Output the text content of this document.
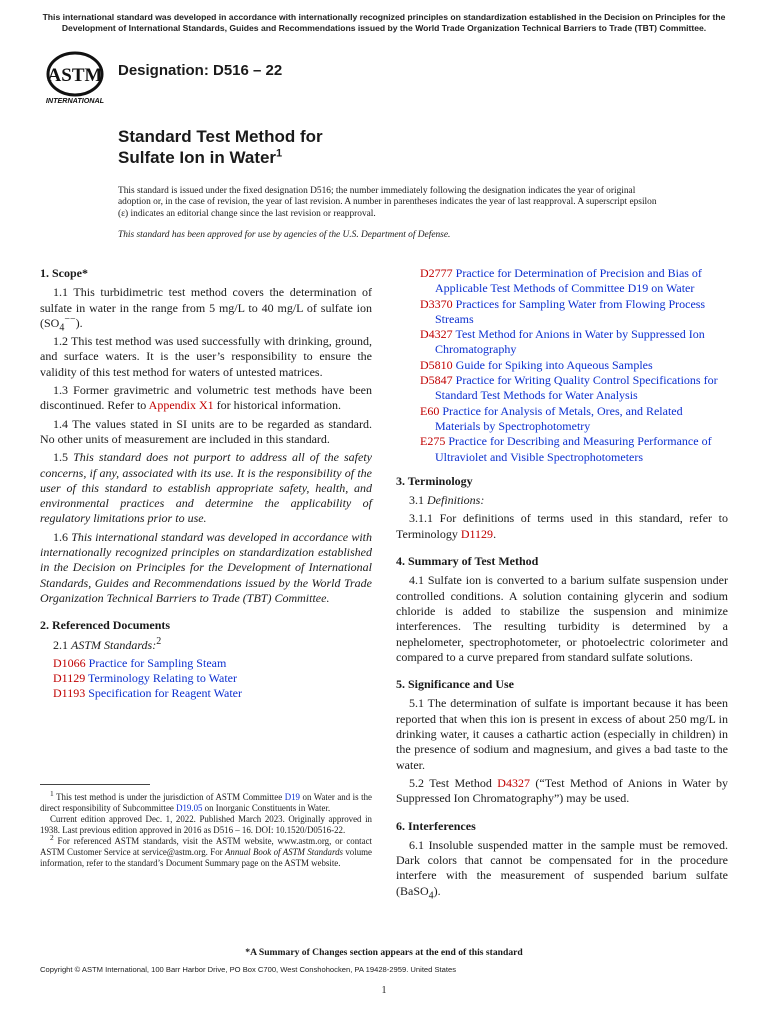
This international standard was developed in accordance with internationally recognized principles on standardization established in the Decision on Principles for the Development of International Standards, Guides and Recommendations issued by the World Trade Organization Technical Barriers to Trade (TBT) Committee.
ASTM
INTERNATIONAL
Designation: D516 – 22
Standard Test Method for
Sulfate Ion in Water$^1$
This standard is issued under the fixed designation D516; the number immediately following the designation indicates the year of original adoption or, in the case of revision, the year of last revision. A number in parentheses indicates the year of last reapproval. A superscript epsilon (ε) indicates an editorial change since the last revision or reapproval.
This standard has been approved for use by agencies of the U.S. Department of Defense.
1. Scope*

1.1 This turbidimetric test method covers the determination of sulfate in water in the range from 5 mg/L to 40 mg/L of sulfate ion $(SO_4^{--})$.

1.2 This test method was used successfully with drinking, ground, and surface waters. It is the user’s responsibility to ensure the validity of this test method for waters of untested matrices.

1.3 Former gravimetric and volumetric test methods have been discontinued. Refer to Appendix X1 for historical information.

1.4 The values stated in SI units are to be regarded as standard. No other units of measurement are included in this standard.

1.5 This standard does not purport to address all of the safety concerns, if any, associated with its use. It is the responsibility of the user of this standard to establish appropriate safety, health, and environmental practices and determine the applicability of regulatory limitations prior to use.

1.6 This international standard was developed in accordance with internationally recognized principles on standardization established in the Decision on Principles for the Development of International Standards, Guides and Recommendations issued by the World Trade Organization Technical Barriers to Trade (TBT) Committee.

2. Referenced Documents

2.1 ASTM Standards:$^2$

D1066 Practice for Sampling Steam

D1129 Terminology Relating to Water

D1193 Specification for Reagent Water

$^1$ This test method is under the jurisdiction of ASTM Committee D19 on Water and is the direct responsibility of Subcommittee D19.05 on Inorganic Constituents in Water.

Current edition approved Dec. 1, 2022. Published March 2023. Originally approved in 1938. Last previous edition approved in 2016 as D516 – 16. DOI: 10.1520/D0516-22.

$^2$ For referenced ASTM standards, visit the ASTM website, www.astm.org, or contact ASTM Customer Service at service@astm.org. For Annual Book of ASTM Standards volume information, refer to the standard’s Document Summary page on the ASTM website.

D2777 Practice for Determination of Precision and Bias of Applicable Test Methods of Committee D19 on Water

D3370 Practices for Sampling Water from Flowing Process Streams

D4327 Test Method for Anions in Water by Suppressed Ion Chromatography

D5810 Guide for Spiking into Aqueous Samples

D5847 Practice for Writing Quality Control Specifications for Standard Test Methods for Water Analysis

E60 Practice for Analysis of Metals, Ores, and Related Materials by Spectrophotometry

E275 Practice for Describing and Measuring Performance of Ultraviolet and Visible Spectrophotometers

3. Terminology

3.1 Definitions:

3.1.1 For definitions of terms used in this standard, refer to Terminology D1129.

4. Summary of Test Method

4.1 Sulfate ion is converted to a barium sulfate suspension under controlled conditions. A solution containing glycerin and sodium chloride is added to stabilize the suspension and minimize interferences. The resulting turbidity is determined by a nephelometer, spectrophotometer, or photoelectric colorimeter and compared to a curve prepared from standard sulfate solutions.

5. Significance and Use

5.1 The determination of sulfate is important because it has been reported that when this ion is present in excess of about 250 mg/L in drinking water, it causes a cathartic action (especially in children) in the presence of sodium and magnesium, and gives a bad taste to the water.

5.2 Test Method D4327 (“Test Method of Anions in Water by Suppressed Ion Chromatography”) may be used.

6. Interferences

6.1 Insoluble suspended matter in the sample must be removed. Dark colors that cannot be compensated for in the procedure interfere with the measurement of suspended barium sulfate (BaSO$_4$).

*A Summary of Changes section appears at the end of this standard
Copyright © ASTM International, 100 Barr Harbor Drive, PO Box C700, West Conshohocken, PA 19428-2959. United States
1
